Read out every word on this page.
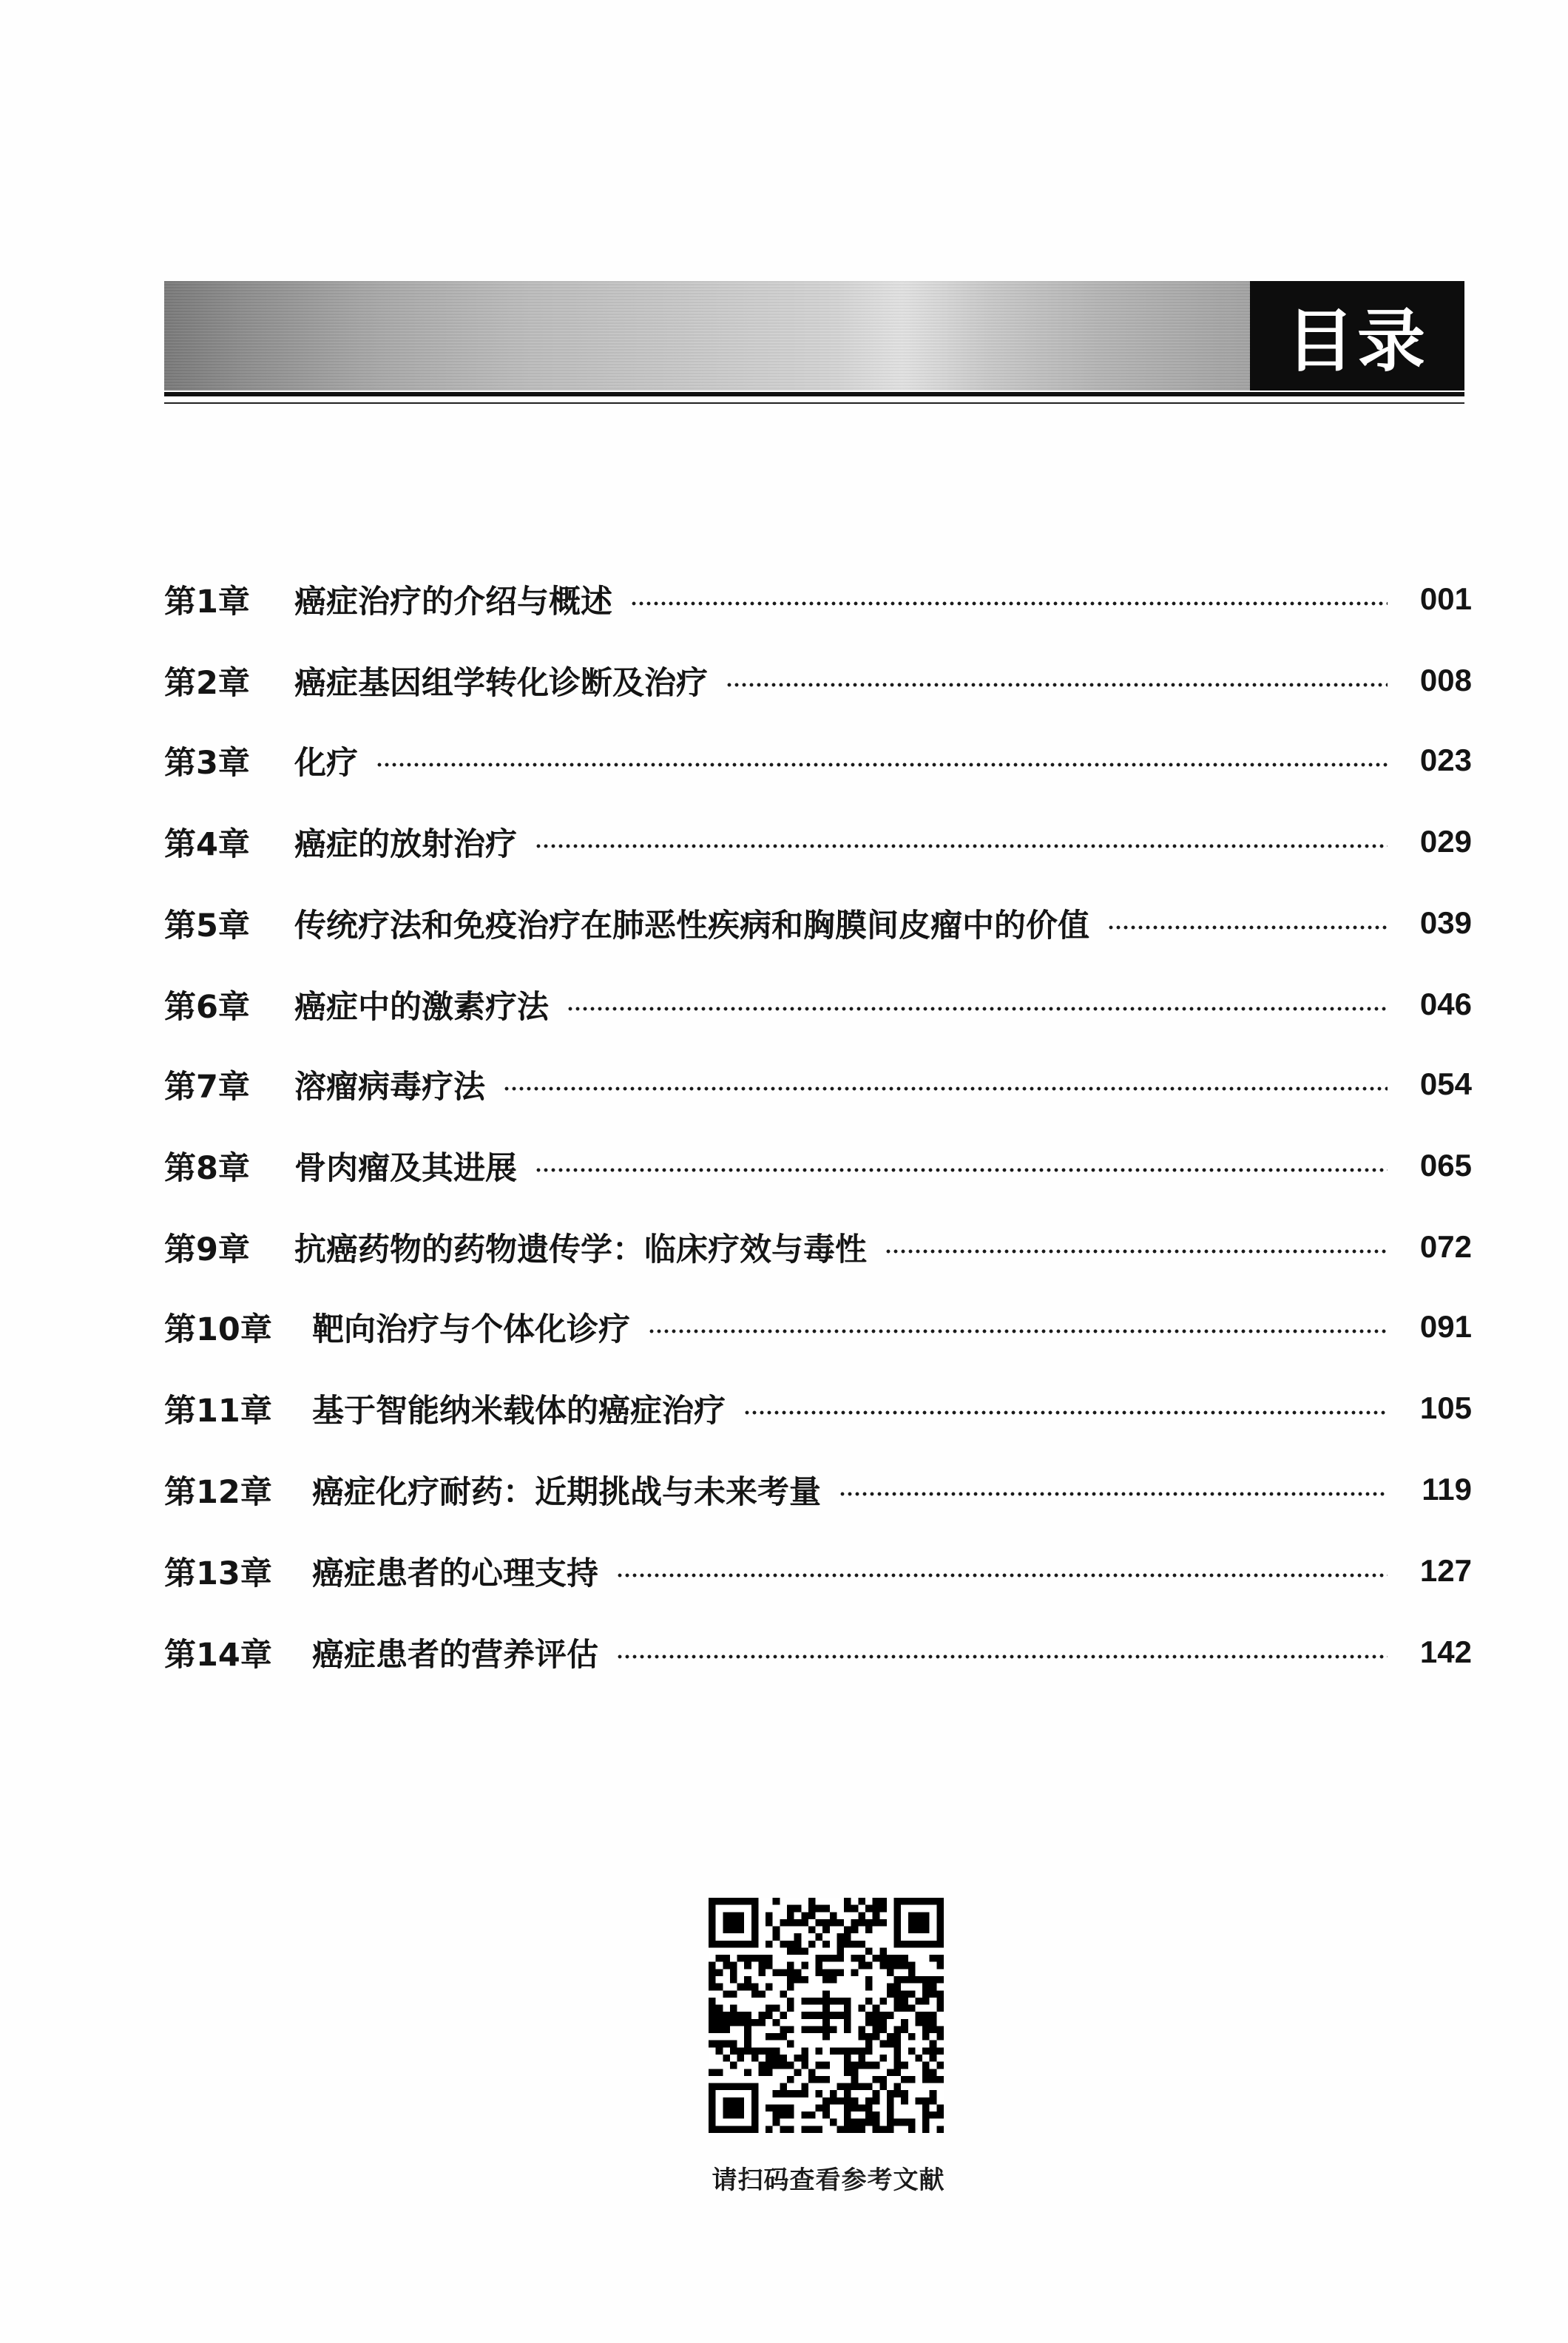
目录
第1章	癌症治疗的介绍与概述	001
第2章	癌症基因组学转化诊断及治疗	008
第3章	化疗	023
第4章	癌症的放射治疗	029
第5章	传统疗法和免疫治疗在肺恶性疾病和胸膜间皮瘤中的价值	039
第6章	癌症中的激素疗法	046
第7章	溶瘤病毒疗法	054
第8章	骨肉瘤及其进展	065
第9章	抗癌药物的药物遗传学：临床疗效与毒性	072
第10章	靶向治疗与个体化诊疗	091
第11章	基于智能纳米载体的癌症治疗	105
第12章	癌症化疗耐药：近期挑战与未来考量	119
第13章	癌症患者的心理支持	127
第14章	癌症患者的营养评估	142
请扫码查看参考文献
